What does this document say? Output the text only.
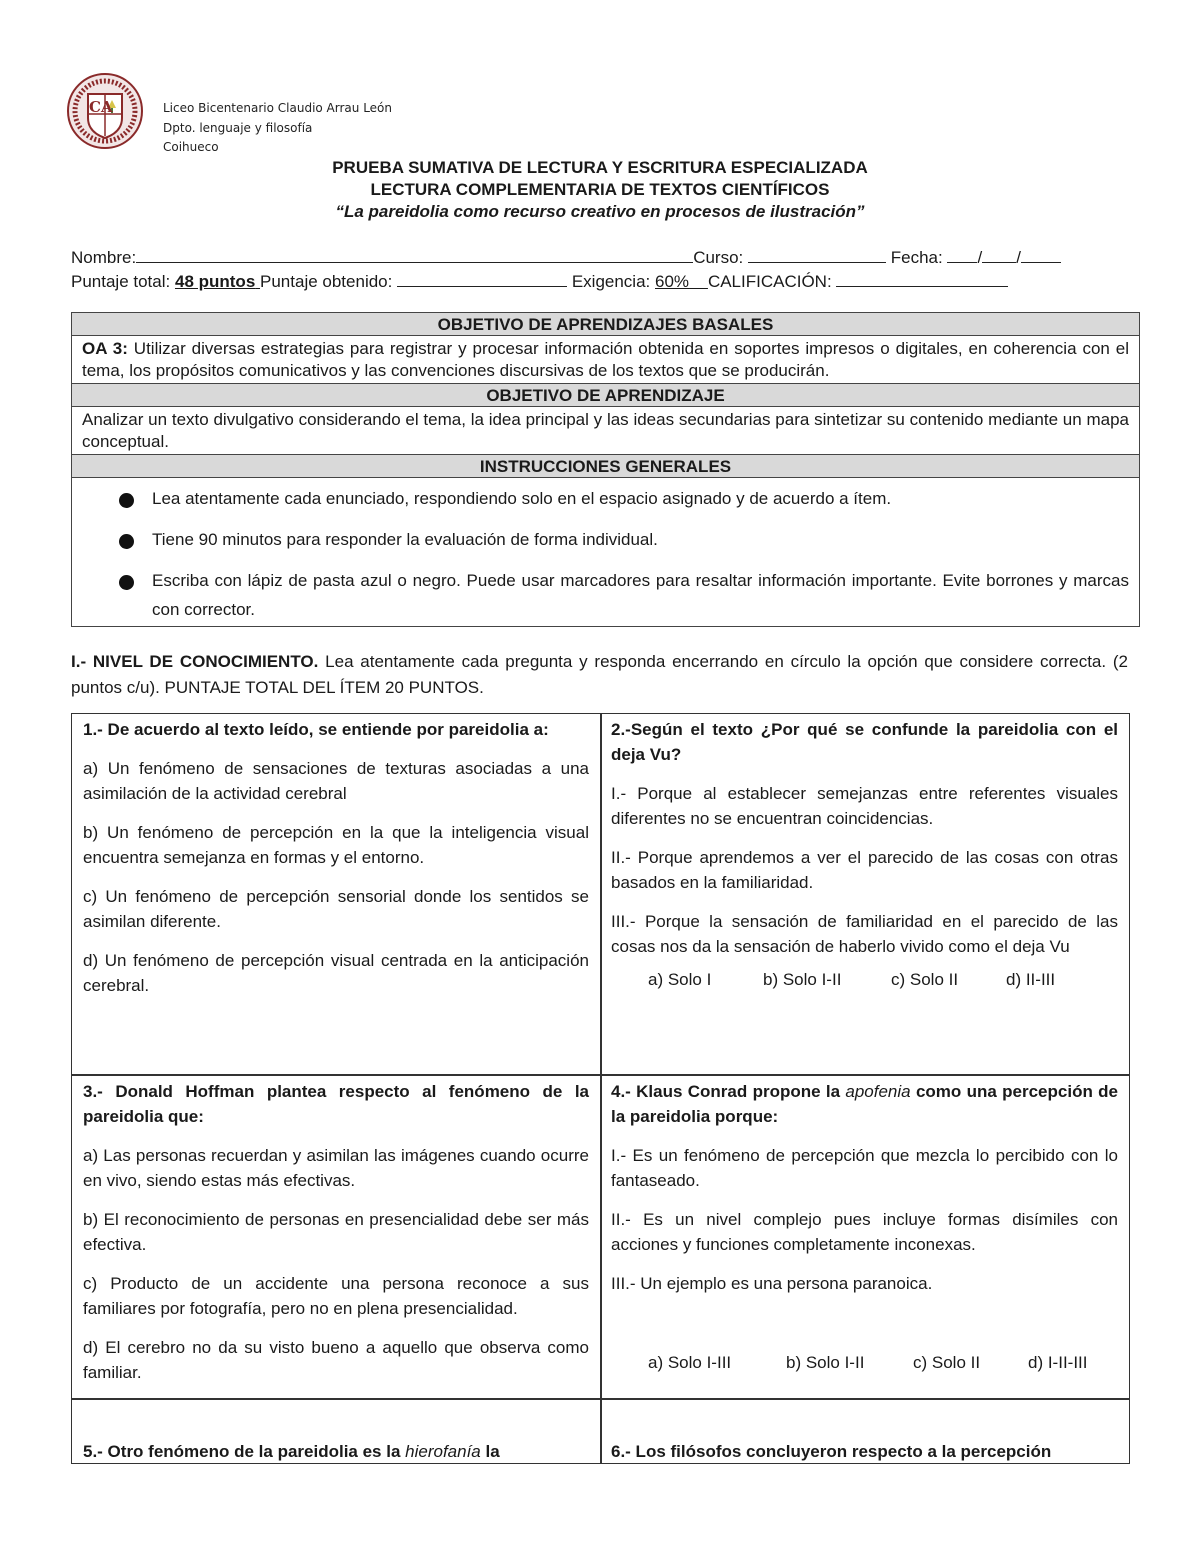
CA	Liceo Bicentenario Claudio Arrau León
Dpto. lenguaje y filosofía
Coihueco
PRUEBA SUMATIVA DE LECTURA Y ESCRITURA ESPECIALIZADA
LECTURA COMPLEMENTARIA DE TEXTOS CIENTÍFICOS
“La pareidolia como recurso creativo en procesos de ilustración”
Nombre:	Curso:	Fecha: / /
Puntaje total: 48 puntos Puntaje obtenido:	Exigencia: 60% CALIFICACIÓN:
OBJETIVO DE APRENDIZAJES BASALES
OA 3: Utilizar diversas estrategias para registrar y procesar información obtenida en soportes impresos o digitales, en coherencia con el tema, los propósitos comunicativos y las convenciones discursivas de los textos que se producirán.
OBJETIVO DE APRENDIZAJE
Analizar un texto divulgativo considerando el tema, la idea principal y las ideas secundarias para sintetizar su contenido mediante un mapa conceptual.
INSTRUCCIONES GENERALES

Lea atentamente cada enunciado, respondiendo solo en el espacio asignado y de acuerdo a ítem.
Tiene 90 minutos para responder la evaluación de forma individual.
Escriba con lápiz de pasta azul o negro. Puede usar marcadores para resaltar información importante. Evite borrones y marcas con corrector.
I.- NIVEL DE CONOCIMIENTO. Lea atentamente cada pregunta y responda encerrando en círculo la opción que considere correcta. (2 puntos c/u). PUNTAJE TOTAL DEL ÍTEM 20 PUNTOS.
1.- De acuerdo al texto leído, se entiende por pareidolia a:
a) Un fenómeno de sensaciones de texturas asociadas a una asimilación de la actividad cerebral
b) Un fenómeno de percepción en la que la inteligencia visual encuentra semejanza en formas y el entorno.
c) Un fenómeno de percepción sensorial donde los sentidos se asimilan diferente.
d) Un fenómeno de percepción visual centrada en la anticipación cerebral.
2.-Según el texto ¿Por qué se confunde la pareidolia con el deja Vu?
I.- Porque al establecer semejanzas entre referentes visuales diferentes no se encuentran coincidencias.
II.- Porque aprendemos a ver el parecido de las cosas con otras basados en la familiaridad.
III.- Porque la sensación de familiaridad en el parecido de las cosas nos da la sensación de haberlo vivido como el deja Vu
a) Solo I	b) Solo I-II	c) Solo II	d) II-III
3.- Donald Hoffman plantea respecto al fenómeno de la pareidolia que:
a) Las personas recuerdan y asimilan las imágenes cuando ocurre en vivo, siendo estas más efectivas.
b) El reconocimiento de personas en presencialidad debe ser más efectiva.
c) Producto de un accidente una persona reconoce a sus familiares por fotografía, pero no en plena presencialidad.
d) El cerebro no da su visto bueno a aquello que observa como familiar.
4.- Klaus Conrad propone la apofenia como una percepción de la pareidolia porque:
I.- Es un fenómeno de percepción que mezcla lo percibido con lo fantaseado.
II.- Es un nivel complejo pues incluye formas disímiles con acciones y funciones completamente inconexas.
III.- Un ejemplo es una persona paranoica.
a) Solo I-III	b) Solo I-II	c) Solo II	d) I-II-III
5.- Otro fenómeno de la pareidolia es la hierofanía la	6.- Los filósofos concluyeron respecto a la percepción
